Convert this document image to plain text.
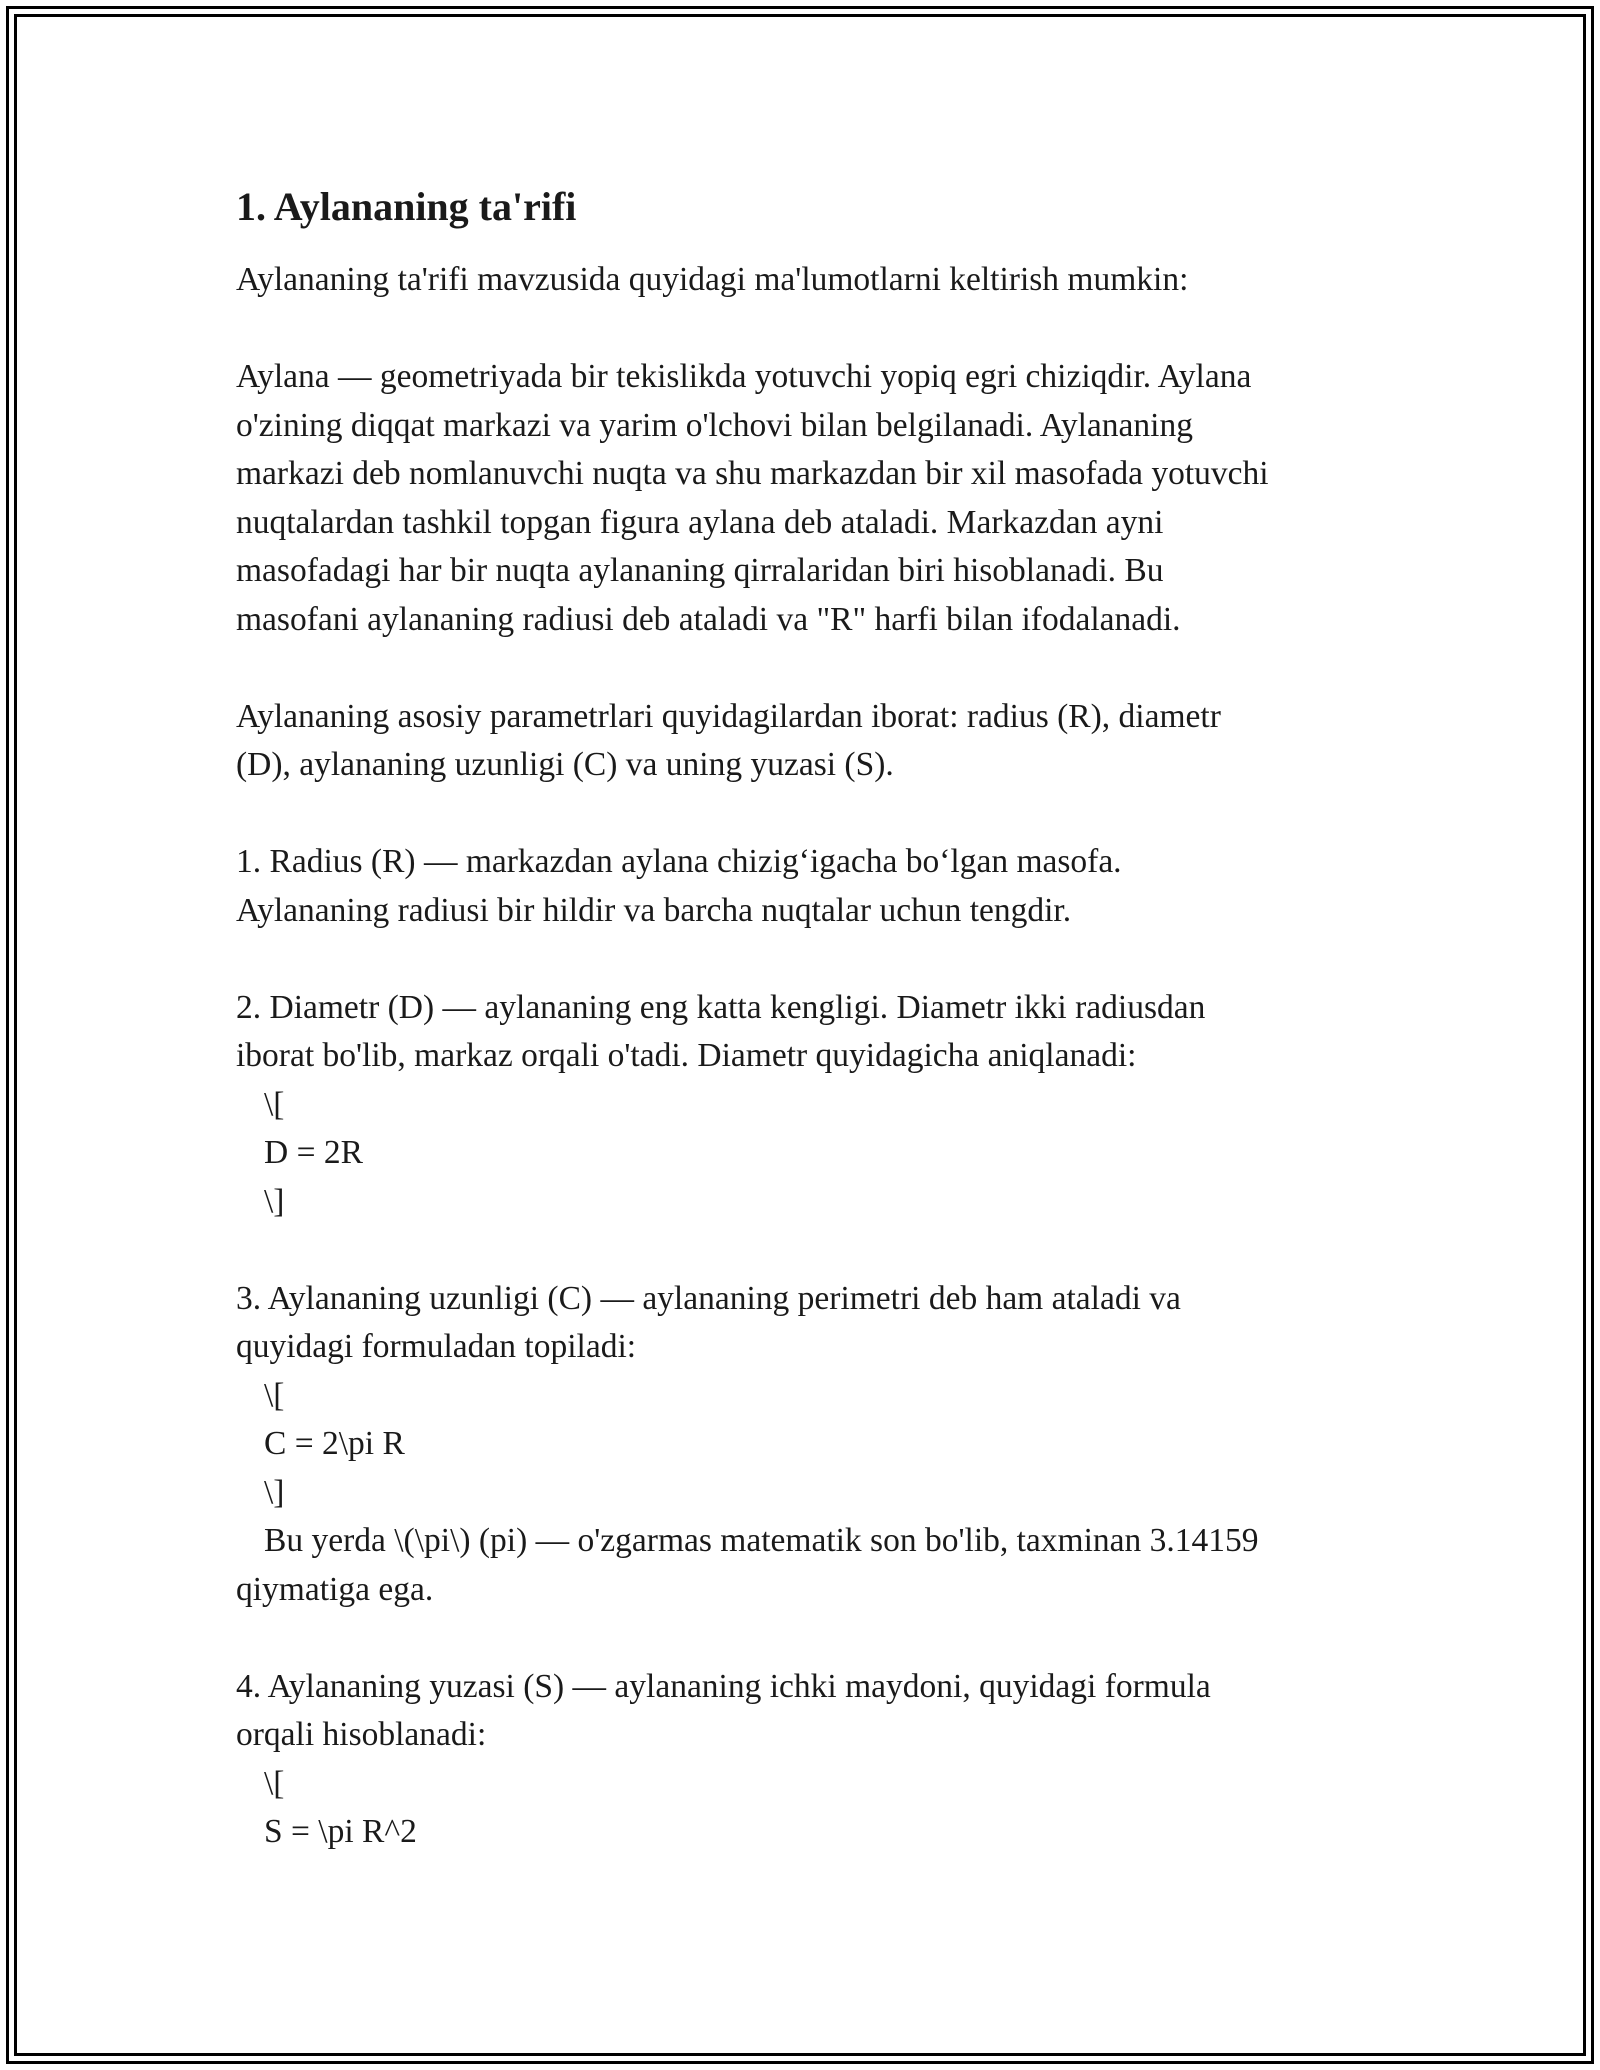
1. Aylananing ta'rifi
Aylananing ta'rifi mavzusida quyidagi ma'lumotlarni keltirish mumkin:
Aylana — geometriyada bir tekislikda yotuvchi yopiq egri chiziqdir. Aylana
o'zining diqqat markazi va yarim o'lchovi bilan belgilanadi. Aylananing
markazi deb nomlanuvchi nuqta va shu markazdan bir xil masofada yotuvchi
nuqtalardan tashkil topgan figura aylana deb ataladi. Markazdan ayni
masofadagi har bir nuqta aylananing qirralaridan biri hisoblanadi. Bu
masofani aylananing radiusi deb ataladi va "R" harfi bilan ifodalanadi.
Aylananing asosiy parametrlari quyidagilardan iborat: radius (R), diametr
(D), aylananing uzunligi (C) va uning yuzasi (S).
1. Radius (R) — markazdan aylana chizig‘igacha bo‘lgan masofa.
Aylananing radiusi bir hildir va barcha nuqtalar uchun tengdir.
2. Diametr (D) — aylananing eng katta kengligi. Diametr ikki radiusdan
iborat bo'lib, markaz orqali o'tadi. Diametr quyidagicha aniqlanadi:
\[
D = 2R
\]
3. Aylananing uzunligi (C) — aylananing perimetri deb ham ataladi va
quyidagi formuladan topiladi:
\[
C = 2\pi R
\]
Bu yerda \(\pi\) (pi) — o'zgarmas matematik son bo'lib, taxminan 3.14159
qiymatiga ega.
4. Aylananing yuzasi (S) — aylananing ichki maydoni, quyidagi formula
orqali hisoblanadi:
\[
S = \pi R^2
